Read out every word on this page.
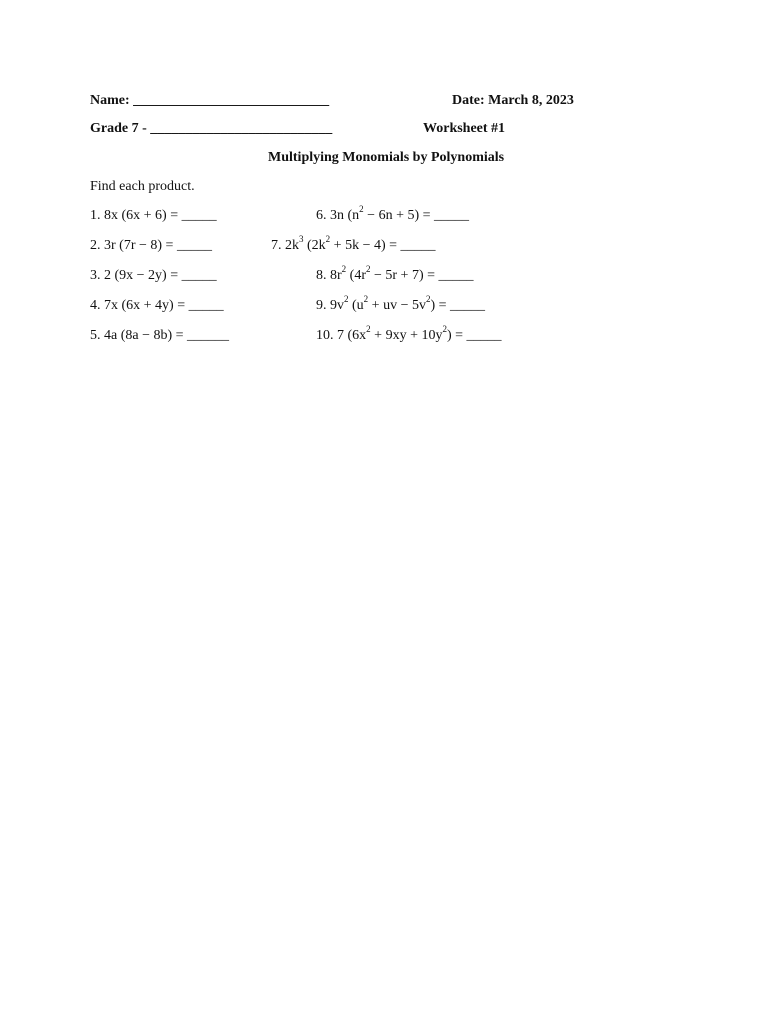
Name: ____________________________	Date: March 8, 2023
Grade 7 - __________________________	Worksheet #1
Multiplying Monomials by Polynomials
Find each product.
1. 8x (6x + 6) = _____
2. 3r (7r − 8) = _____
3. 2 (9x − 2y) = _____
4. 7x (6x + 4y) = _____
5. 4a (8a − 8b) = ______
6. 3n $(n^2 - 6n + 5)$ = _____
7. $2k^3$ $(2k^2 + 5k - 4)$ = _____
8. $8r^2$ $(4r^2 - 5r + 7)$ = _____
9. $9v^2$ ($u^2$ + uv − $5v^2$) = _____
10. 7 $(6x^2 + 9xy + 10y^2)$ = _____
